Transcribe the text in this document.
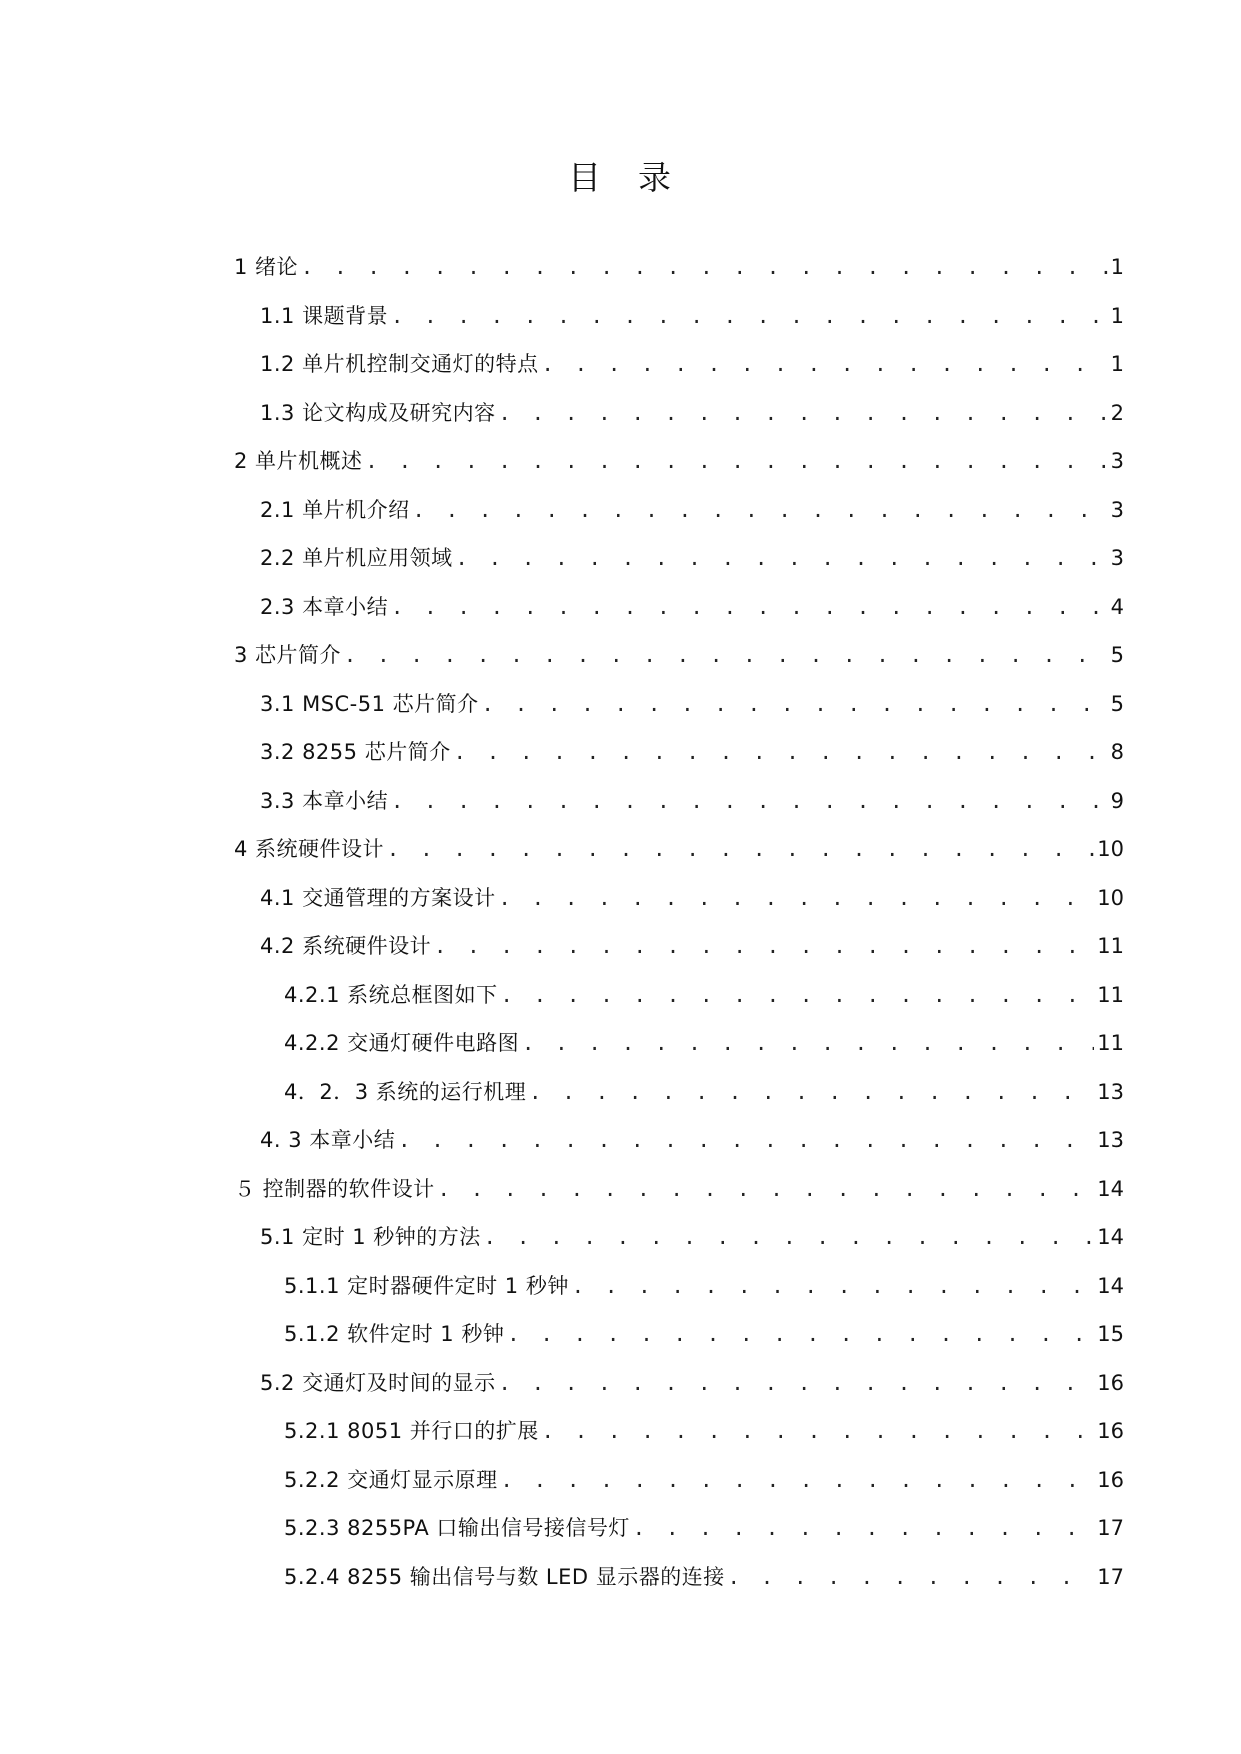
目　录
1 绪论 . . .	1
1.1 课题背景 . . .	1
1.2 单片机控制交通灯的特点 . . .	1
1.3 论文构成及研究内容 . . .	2
2 单片机概述 . . .	3
2.1 单片机介绍 . . .	3
2.2 单片机应用领域 . . .	3
2.3 本章小结 . . .	4
3 芯片简介 . . .	5
3.1 MSC-51 芯片简介 . . .	5
3.2 8255 芯片简介 . . .	8
3.3 本章小结 . . .	9
4 系统硬件设计 . . .	10
4.1 交通管理的方案设计 . . .	10
4.2 系统硬件设计 . . .	11
4.2.1 系统总框图如下 . . .	11
4.2.2 交通灯硬件电路图 . . .	11
4．2．3 系统的运行机理 . . .	13
4. 3 本章小结 . . .	13
５ 控制器的软件设计 . . .	14
5.1 定时 1 秒钟的方法 . . .	14
5.1.1 定时器硬件定时 1 秒钟 . . .	14
5.1.2 软件定时 1 秒钟 . . .	15
5.2 交通灯及时间的显示 . . .	16
5.2.1 8051 并行口的扩展 . . .	16
5.2.2 交通灯显示原理 . . .	16
5.2.3 8255PA 口输出信号接信号灯 . . .	17
5.2.4 8255 输出信号与数 LED 显示器的连接 . . .	17
